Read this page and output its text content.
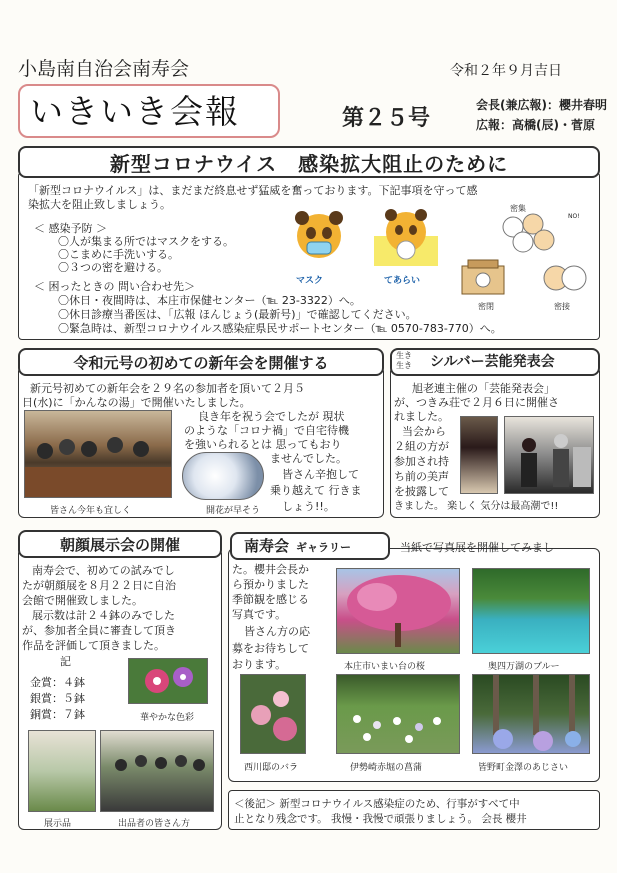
小島南自治会南寿会	令和２年９月吉日
いきいき会報	第２５号
会長(兼広報)：櫻井春明
広報：高橋(辰)・菅原
新型コロナウイス　感染拡大阻止のために
「新型コロナウイルス」は、まだまだ終息せず猛威を奮っております。下記事項を守って感
染拡大を阻止致しましょう。
＜ 感染予防 ＞
〇人が集まる所ではマスクをする。
〇こまめに手洗いする。
〇３つの密を避ける。
＜ 困ったときの 問い合わせ先＞
〇休日・夜間時は、本庄市保健センター（℡ 23-3322）へ。
〇休日診療当番医は、「広報 ほんじょう(最新号)」で確認してください。
〇緊急時は、新型コロナウイルス感染症県民サポートセンター（℡ 0570-783-770）へ。
マスク	てあらい
密集
NO!
密閉	密接
令和元号の初めての新年会を開催する
新元号初めての新年会を２９名の参加者を頂いて２月５
日(水)に「かんなの湯」で開催いたしました。
良き年を祝う会でしたが 現状
のような「コロナ禍」で自宅待機
を強いられるとは 思ってもおり
ませんでした。
皆さん辛抱して
乗り越えて 行きま
しょう!!。
皆さん今年も宜しく	開花が早そう
生き生き シルバー芸能発表会
旭老連主催の「芸能発表会」
が、つきみ荘で２月６日に開催さ
れました。
当会から
２組の方が
参加され持
ち前の美声
を披露して
きました。 楽しく 気分は最高潮で!!
朝顔展示会の開催
南寿会で、初めての試みでし
たが朝顔展を８月２２日に自治
会館で開催致しました。
展示数は計２４鉢のみでした
が、参加者全員に審査して頂き
作品を評価して頂きました。
記
金賞：４鉢
銀賞：５鉢
銅賞：７鉢	華やかな色彩
展示品	出品者の皆さん方
南寿会 ギャラリー	当紙で写真展を開催してみまし
た。櫻井会長か
ら預かりました
季節観を感じる
写真です。
皆さん方の応
募をお待ちして
おります。	本庄市いまい台の桜	奥四万湖のブルー
西川邸のバラ	伊勢崎赤堀の菖蒲	皆野町金澤のあじさい
＜後記＞ 新型コロナウイルス感染症のため、行事がすべて中
止となり残念です。 我慢・我慢で頑張りましょう。 会長 櫻井
